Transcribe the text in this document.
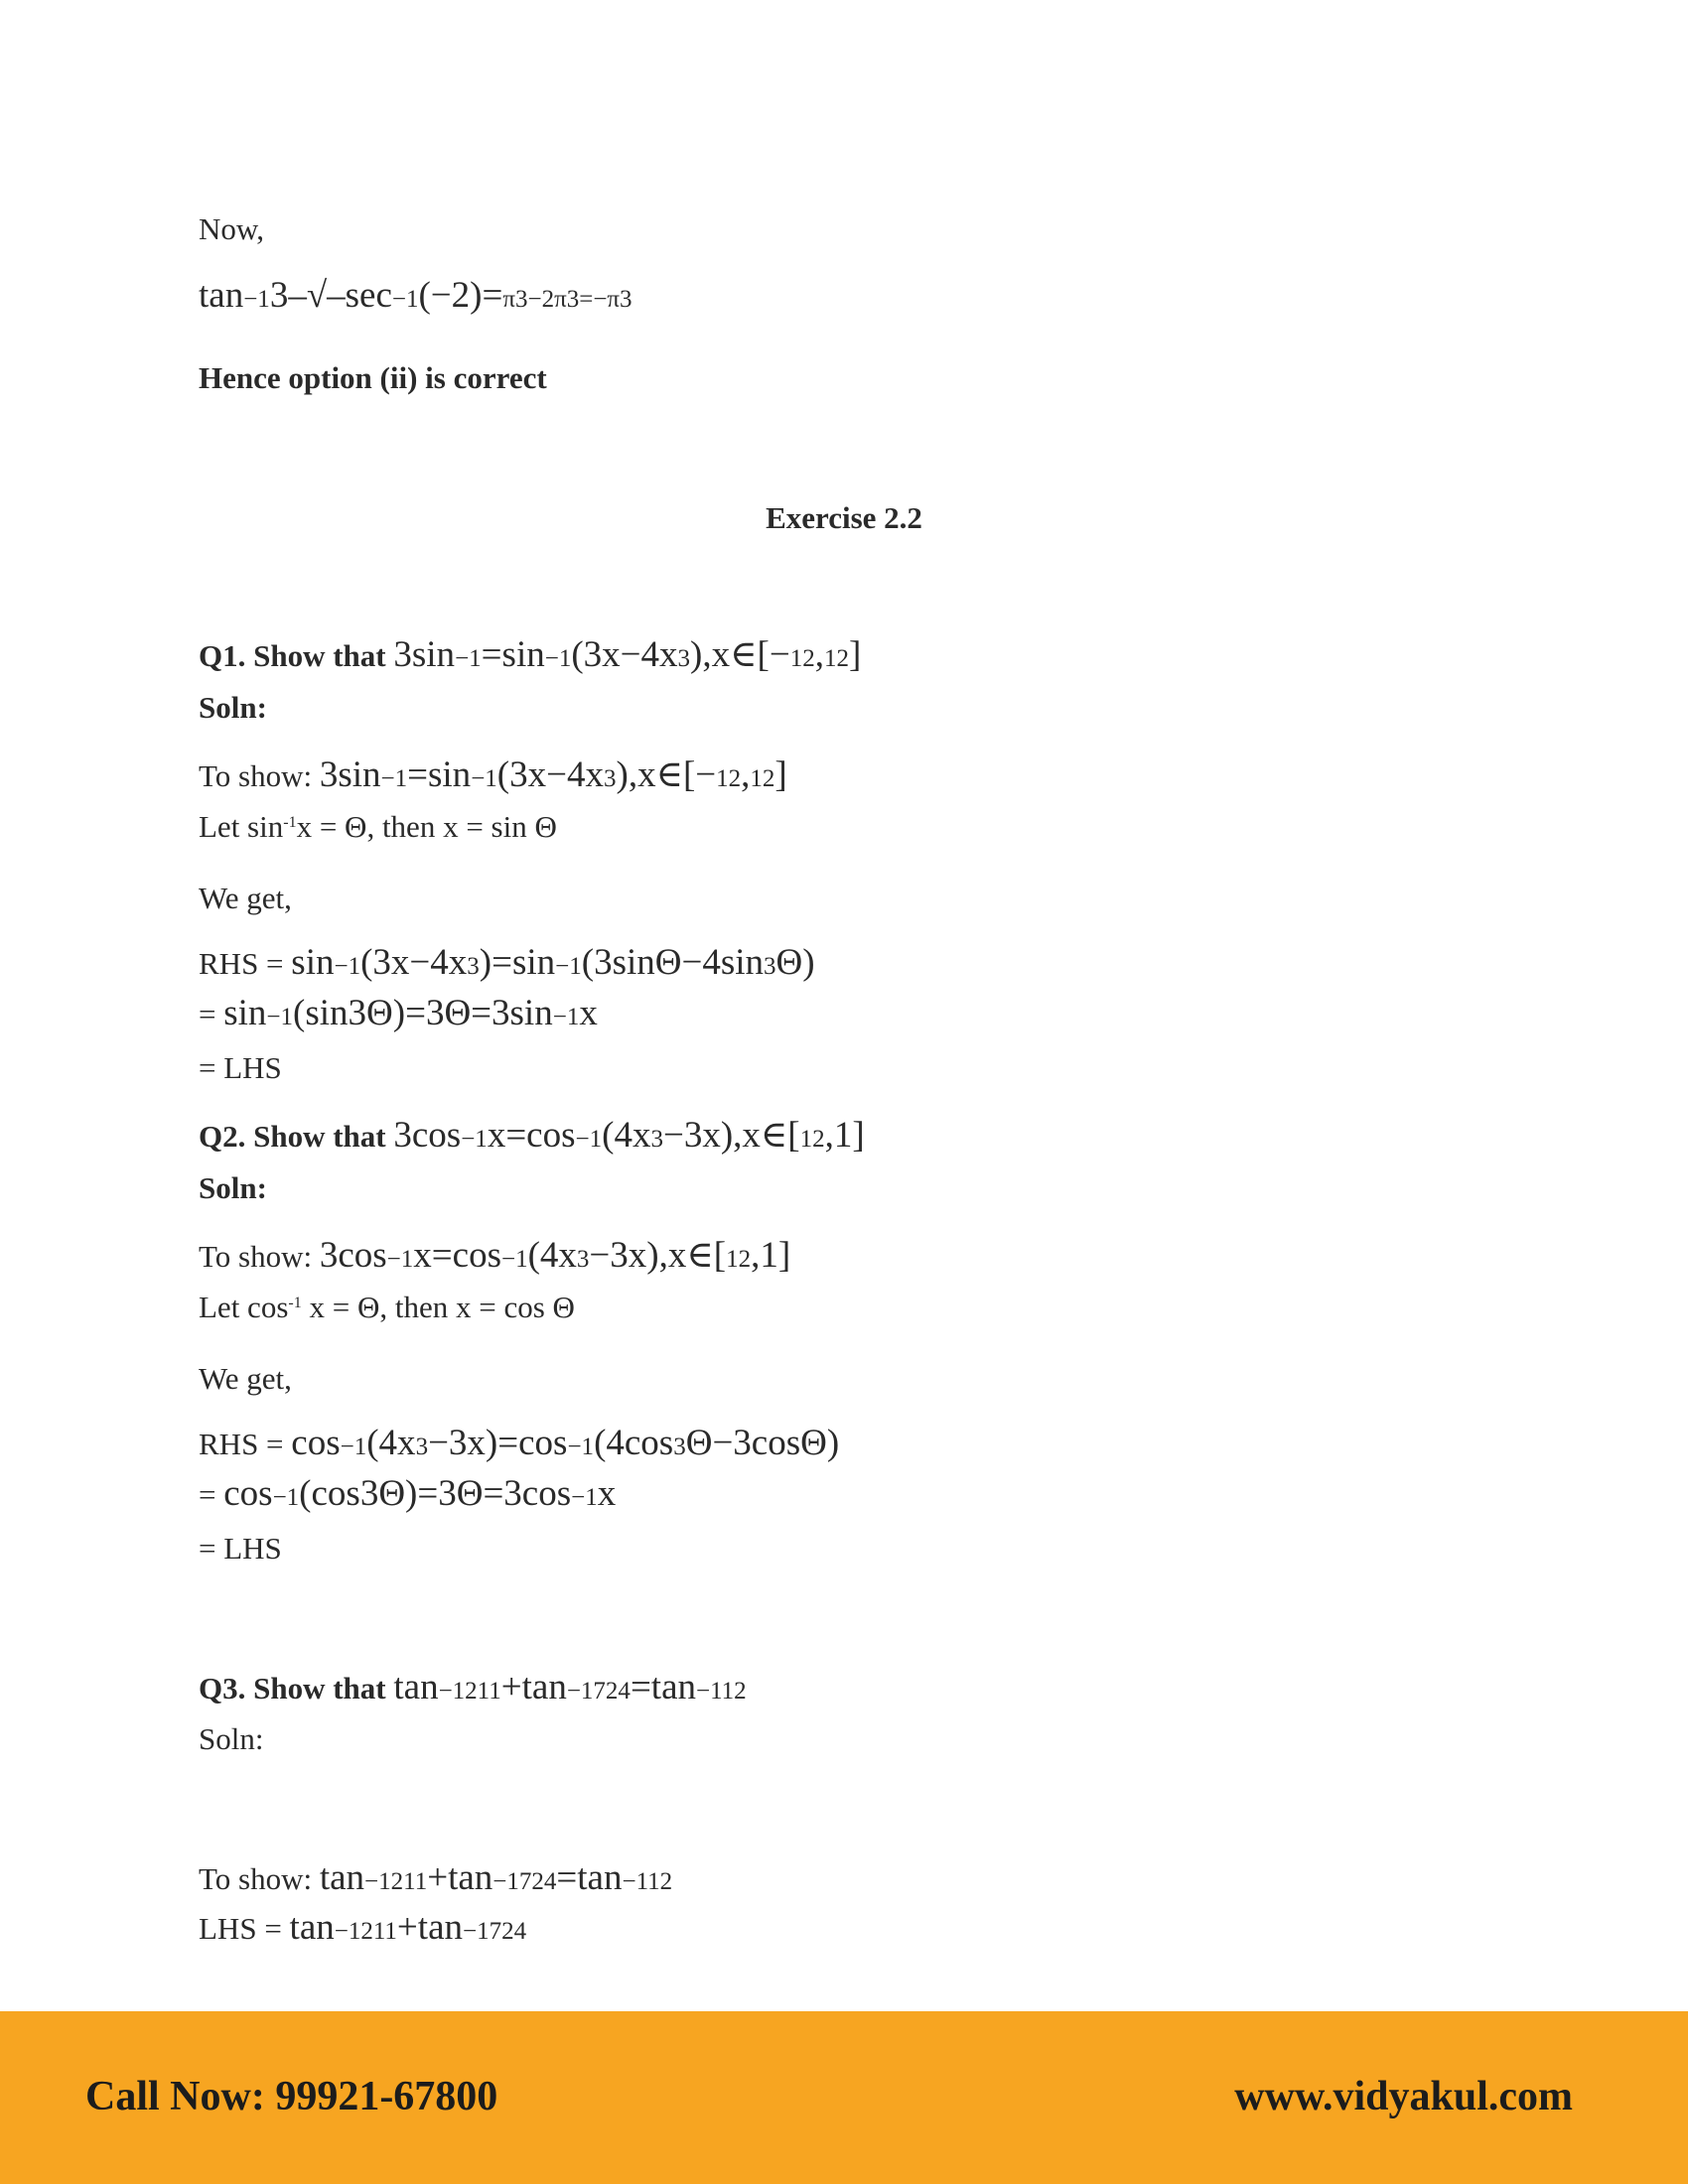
Now,
tan−13–√–sec−1(−2)=π3−2π3=−π3
Hence option (ii) is correct
Exercise 2.2
Q1. Show that 3sin−1=sin−1(3x−4x3),x∈[−12,12]
Soln:
To show: 3sin−1=sin−1(3x−4x3),x∈[−12,12]
Let $\sin^{-1}x = \Theta$, then x = sin Θ
We get,
RHS = sin−1(3x−4x3)=sin−1(3sinΘ−4sin3Θ)
= sin−1(sin3Θ)=3Θ=3sin−1x
= LHS
Q2. Show that 3cos−1x=cos−1(4x3−3x),x∈[12,1]
Soln:
To show: 3cos−1x=cos−1(4x3−3x),x∈[12,1]
Let $\cos^{-1} x = \Theta$, then x = cos Θ
We get,
RHS = cos−1(4x3−3x)=cos−1(4cos3Θ−3cosΘ)
= cos−1(cos3Θ)=3Θ=3cos−1x
= LHS
Q3. Show that tan−1211+tan−1724=tan−112
Soln:
To show: tan−1211+tan−1724=tan−112
LHS = tan−1211+tan−1724
Call Now: 99921-67800	www.vidyakul.com
